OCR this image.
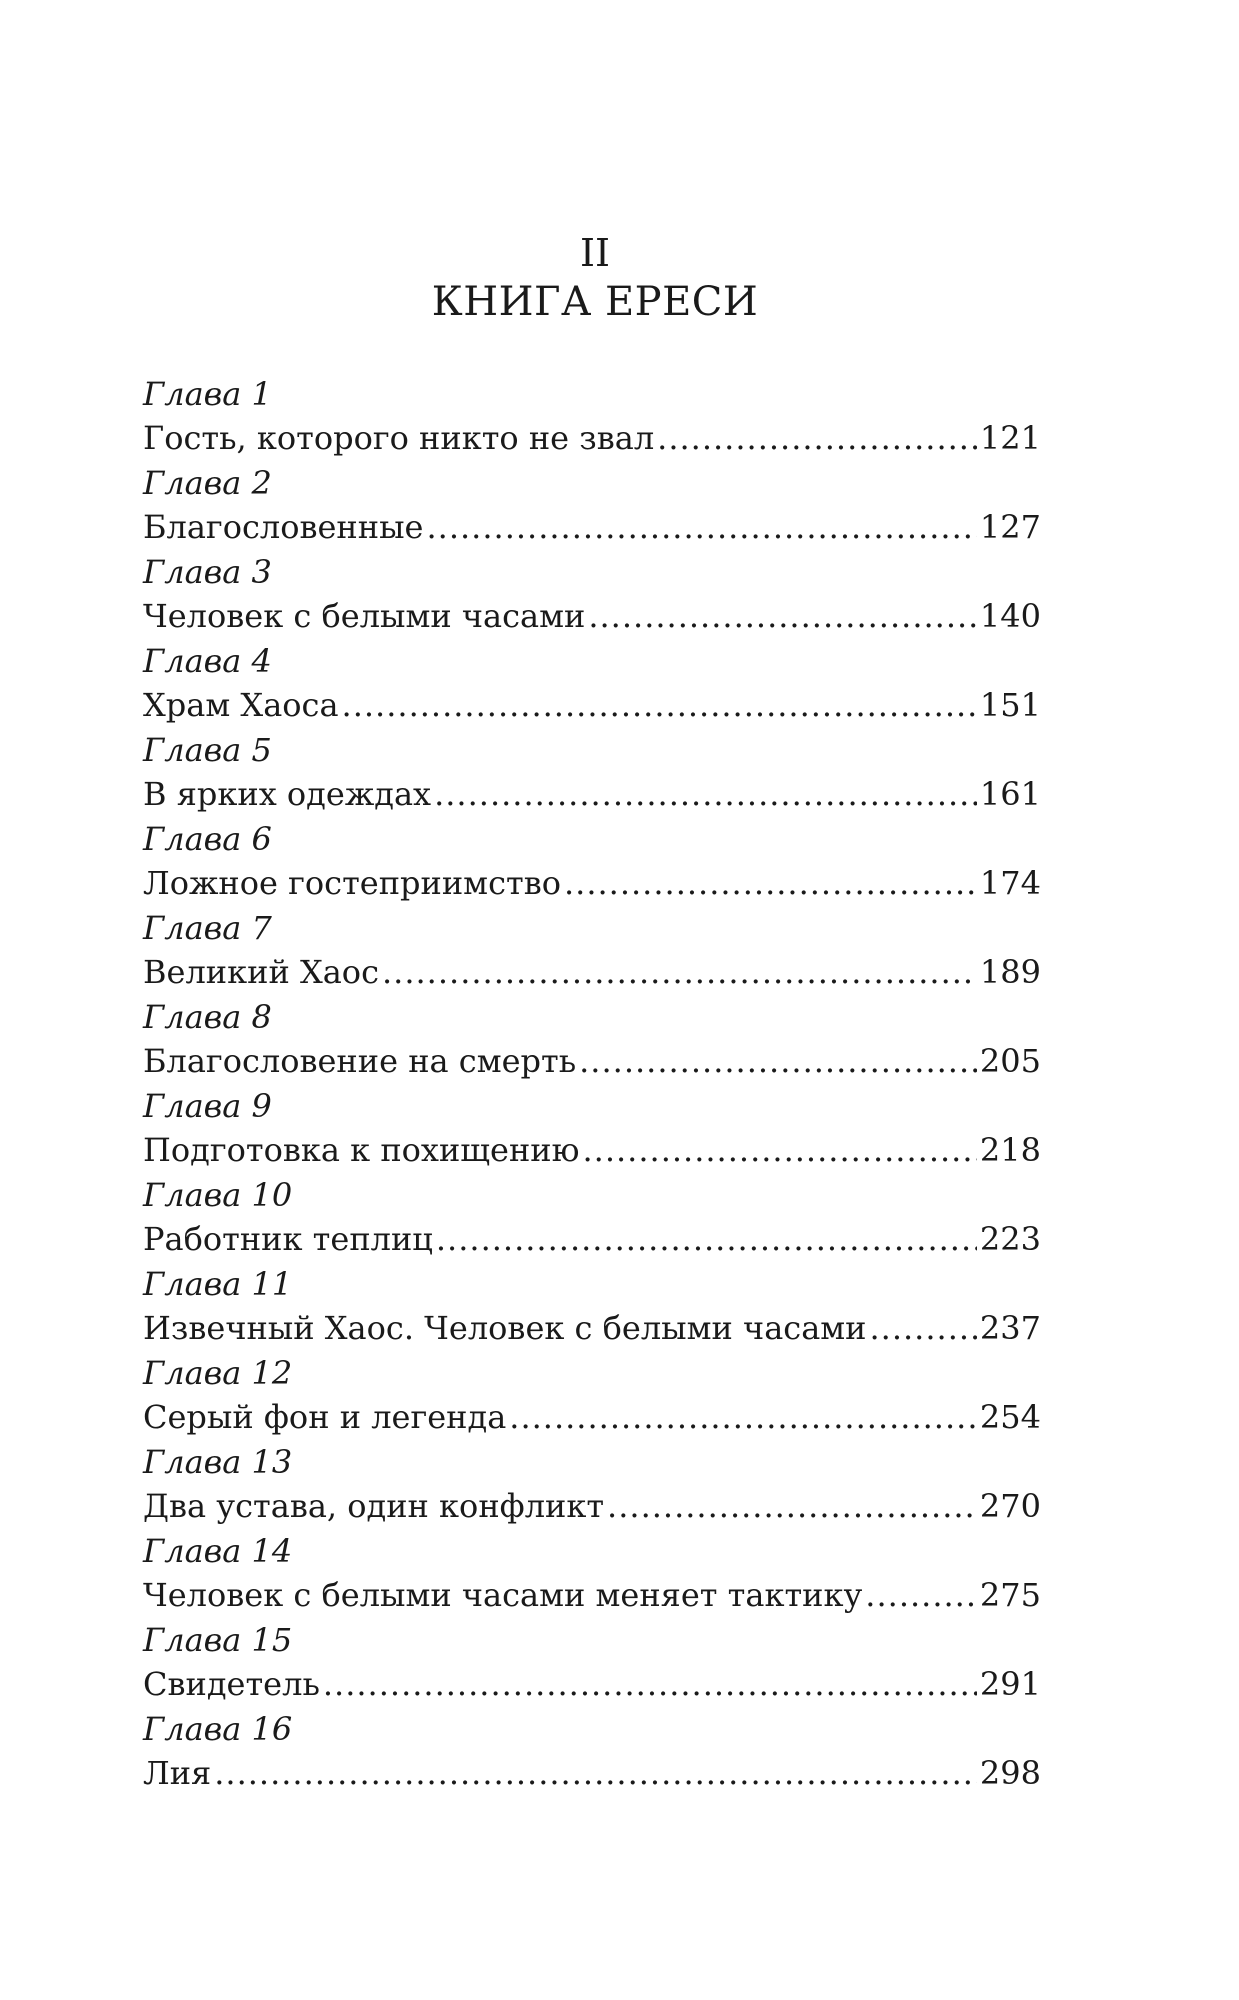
II
КНИГА ЕРЕСИ
Глава 1
Гость, которого никто не звал .....	121
Глава 2
Благословенные .....	127
Глава 3
Человек с белыми часами .....	140
Глава 4
Храм Хаоса .....	151
Глава 5
В ярких одеждах .....	161
Глава 6
Ложное гостеприимство .....	174
Глава 7
Великий Хаос .....	189
Глава 8
Благословение на смерть .....	205
Глава 9
Подготовка к похищению .....	218
Глава 10
Работник теплиц .....	223
Глава 11
Извечный Хаос. Человек с белыми часами .....	237
Глава 12
Серый фон и легенда .....	254
Глава 13
Два устава, один конфликт .....	270
Глава 14
Человек с белыми часами меняет тактику .....	275
Глава 15
Свидетель .....	291
Глава 16
Лия .....	298
